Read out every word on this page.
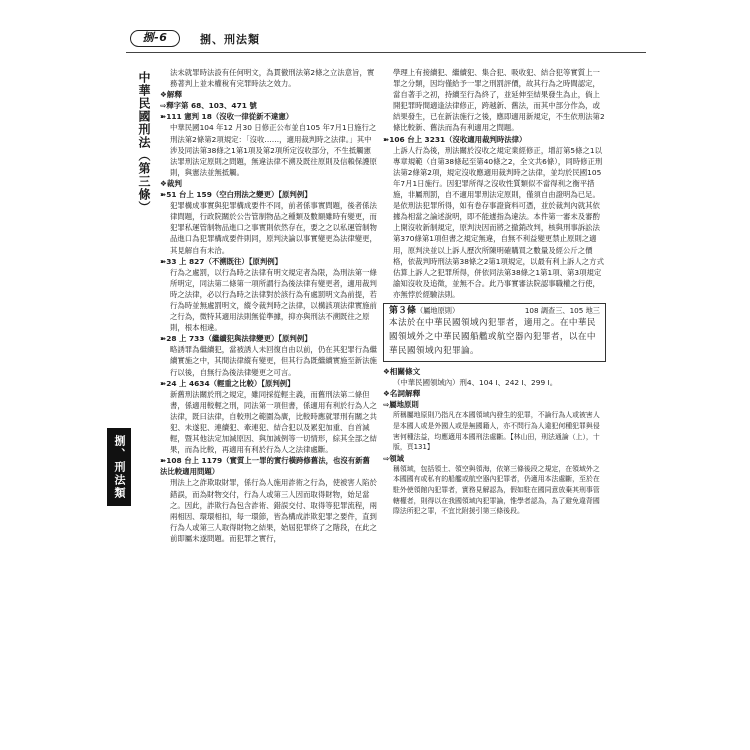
捌-6	捌、刑法類
中華民國刑法（第三條）
捌、刑法類
法未就罪時法設有任何明文，為貫徹刑法第2條之立法意旨，實務著判上並未權稅有完罪時法之效力。
❖解釋
⇨釋字第 68、103、471 號
➽111 憲判 18（沒收一律從新不違憲）
中華民國104 年12 月30 日修正公布並自105 年7月1日施行之刑法第2條第2項規定：「沒收……，適用裁判時之法律。」其中涉及同法第38條之1第1項及第2項所定沒收部分，不生抵觸憲法罪刑法定原則之問題，無違法律不溯及既往原則及信賴保護原則，與憲法並無抵觸。
❖裁判
➽51 台上 159（空白刑法之變更）【原判例】
犯罪構成事實與犯罪構成要件不同，前者係事實問題，後者係法律問題，行政院關於公告管制物品之種類及數額雖時有變更，而犯罪私運管制物品進口之事實則依然存在，要之之以私運管制物品進口為犯罪構成要件則同，原判決論以事實變更為法律變更，其見解自有未洽。
➽33 上 827（不溯既往）【原判例】
行為之處罰，以行為時之法律有明文規定者為限，為刑法第一條所明定，同法第二條第一項所謂行為後法律有變更者，適用裁判時之法律，必以行為時之法律對於該行為有處罰明文為前提，若行為時並無處罰明文，縱令裁判時之法律，以構該項法律實施前之行為，微特其適用法則無從準據，抑亦與刑法不溯既往之原則，根本相違。
➽28 上 733（繼續犯與法律變更）【原判例】
略誘罪為繼續犯，當被誘人未回復自由以前，仍在其犯罪行為繼續實施之中，其間法律縱有變更，但其行為既繼續實施至新法施行以後，自無行為後法律變更之可言。
➽24 上 4634（輕重之比較）【原判例】
新舊刑法關於刑之規定，雖同採從輕主義，而舊刑法第二條但書，係適用較輕之刑，同法第一項但書，係適用有利於行為人之法律，既曰法律，自較刑之範圍為廣，比較時應就罪刑有關之共犯、未遂犯、連續犯、牽連犯、結合犯以及累犯加重、自首減輕，暨其他法定加減原因、與加減例等一切情形，綜其全部之結果，而為比較，再適用有利於行為人之法律處斷。
➽108 台上 1179（實質上一罪的實行橫跨修舊法，也沒有新舊法比較適用問題）
刑法上之詐欺取財罪，係行為人施用詐術之行為，使被害人陷於錯誤，而為財物交付，行為人或第三人因而取得財物，始足當之。因此，詐欺行為包含詐術、錯誤交付、取得等犯罪流程，兩兩相因、環環相扣，每一環節，皆為構成詐欺犯罪之要件，直到行為人或第三人取得財物之結果，始屆犯罪終了之階段，在此之前即屬未遂問題。而犯罪之實行，
學理上有接續犯、繼續犯、集合犯、吸收犯、結合犯等實質上一罪之分類，因均僅給予一罪之刑罰評價，故其行為之時間認定，當自著手之初，持續至行為終了，並延伸至結果發生為止，倘上開犯罪時間適逢法律修正，跨越新、舊法，而其中部分作為，或結果發生，已在新法施行之後，應即適用新規定，不生依刑法第2條比較新、舊法而為有利適用之問題。
➽106 台上 3231（沒收適用裁判時法律）
上訴人行為後，刑法關於沒收之規定業經修正，增訂第5條之1以專章規範（自第38條起至第40條之2，全文共6條），同時修正刑法第2條第2項，規定沒收應適用裁判時之法律，並均於民國105年7月1日施行。因犯罪所得之沒收性質類似不當得利之衡平措施，非屬刑罰，自不適用罪刑法定原則，僅須自由證明為已足。是依刑法犯罪所得，如有卷存事證資料可憑，並於裁判內就其依據為相當之論述說明，即不能遽指為違法。本件第一審未及審酌上開沒收新制規定，原判決因而將之撤銷改判，核與刑事訴訟法第370條第1項但書之規定無違，自無不利益變更禁止原則之適用，原判決並以上訴人歷次所陳明確購買之數量及經公斤之價格，依裁判時刑法第38條之2第1項規定，以最有利上訴人之方式估算上訴人之犯罪所得，併依同法第38條之1第1項、第3項規定諭知沒收及追徵，並無不合。此乃事實審法院認事職權之行使，亦無悖於經驗法則。
第３條（屬地原則）	108 調查三、105 地三
本法於在中華民國領域內犯罪者，適用之。在中華民國領域外之中華民國船艦或航空器內犯罪者，以在中華民國領域內犯罪論。
❖相關條文
（中華民國領域內）刑4、104 I、242 I、299 I。
❖名詞解釋
⇨屬地原則
所稱屬地原則乃指凡在本國領域內發生的犯罪，不論行為人或被害人是本國人或是外國人或是無國籍人，亦不問行為人違犯何種犯罪與侵害何種法益，均應適用本國刑法處斷。【林山田，刑法通論（上），十版，頁131】
⇨領域
稱領域，包括領土、領空與領海，依第三條後段之規定，在領域外之本國國有或私有的船艦或航空器內犯罪者，仍適用本法處斷，至於在駐外使領館內犯罪者，實務見解認為，假如駐在國同意放棄其刑事管轄權者，則得以在我國領域內犯罪論，惟學者認為，為了避免違背國際法所犯之罪，不宜比附援引第三條後段。
